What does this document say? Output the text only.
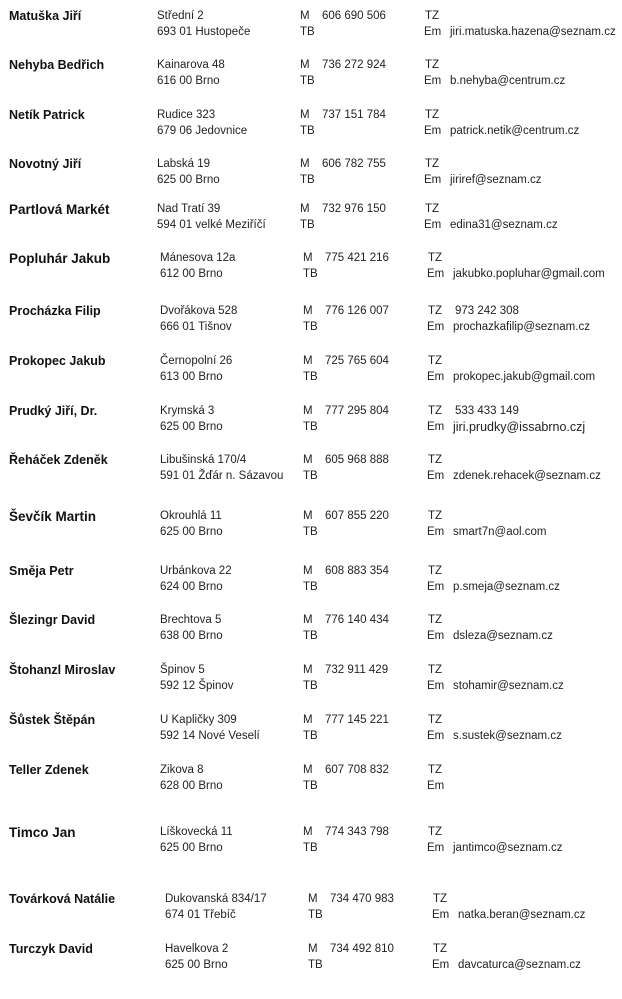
Matuška Jiří	Střední 2
693 01 Hustopeče
M 606 690 506
TB
TZ
Em jiri.matuska.hazena@seznam.cz
Nehyba Bedřich	Kainarova 48
616 00 Brno
M 736 272 924
TB
TZ
Em b.nehyba@centrum.cz
Netík Patrick	Rudice 323
679 06 Jedovnice
M 737 151 784
TB
TZ
Em patrick.netik@centrum.cz
Novotný Jiří	Labská 19
625 00 Brno
M 606 782 755
TB
TZ
Em jiriref@seznam.cz
Partlová Markét	Nad Tratí 39
594 01 velké Meziříčí
M 732 976 150
TB
TZ
Em edina31@seznam.cz
Popluhár Jakub	Mánesova 12a
612 00 Brno
M 775 421 216
TB
TZ
Em jakubko.popluhar@gmail.com
Procházka Filip	Dvořákova 528
666 01 Tišnov
M 776 126 007
TB
TZ 973 242 308
Em prochazkafilip@seznam.cz
Prokopec Jakub	Černopolní 26
613 00 Brno
M 725 765 604
TB
TZ
Em prokopec.jakub@gmail.com
Prudký Jiří, Dr.	Krymská 3
625 00 Brno
M 777 295 804
TB
TZ 533 433 149
Em jiri.prudky@issabrno.czj
Řeháček Zdeněk	Libušinská 170/4
591 01 Žďár n. Sázavou
M 605 968 888
TB
TZ
Em zdenek.rehacek@seznam.cz
Ševčík Martin	Okrouhlá 11
625 00 Brno
M 607 855 220
TB
TZ
Em smart7n@aol.com
Směja Petr	Urbánkova 22
624 00 Brno
M 608 883 354
TB
TZ
Em p.smeja@seznam.cz
Šlezingr David	Brechtova 5
638 00 Brno
M 776 140 434
TB
TZ
Em dsleza@seznam.cz
Štohanzl Miroslav	Špinov 5
592 12 Špinov
M 732 911 429
TB
TZ
Em stohamir@seznam.cz
Šůstek Štěpán	U Kapličky 309
592 14 Nové Veselí
M 777 145 221
TB
TZ
Em s.sustek@seznam.cz
Teller Zdenek	Zikova 8
628 00 Brno
M 607 708 832
TB
TZ
Em
Timco Jan	Líškovecká 11
625 00 Brno
M 774 343 798
TB
TZ
Em jantimco@seznam.cz
Továrková Natálie	Dukovanská 834/17
674 01 Třebíč
M 734 470 983
TB
TZ
Em natka.beran@seznam.cz
Turczyk David	Havelkova 2
625 00 Brno
M 734 492 810
TB
TZ
Em davcaturca@seznam.cz
